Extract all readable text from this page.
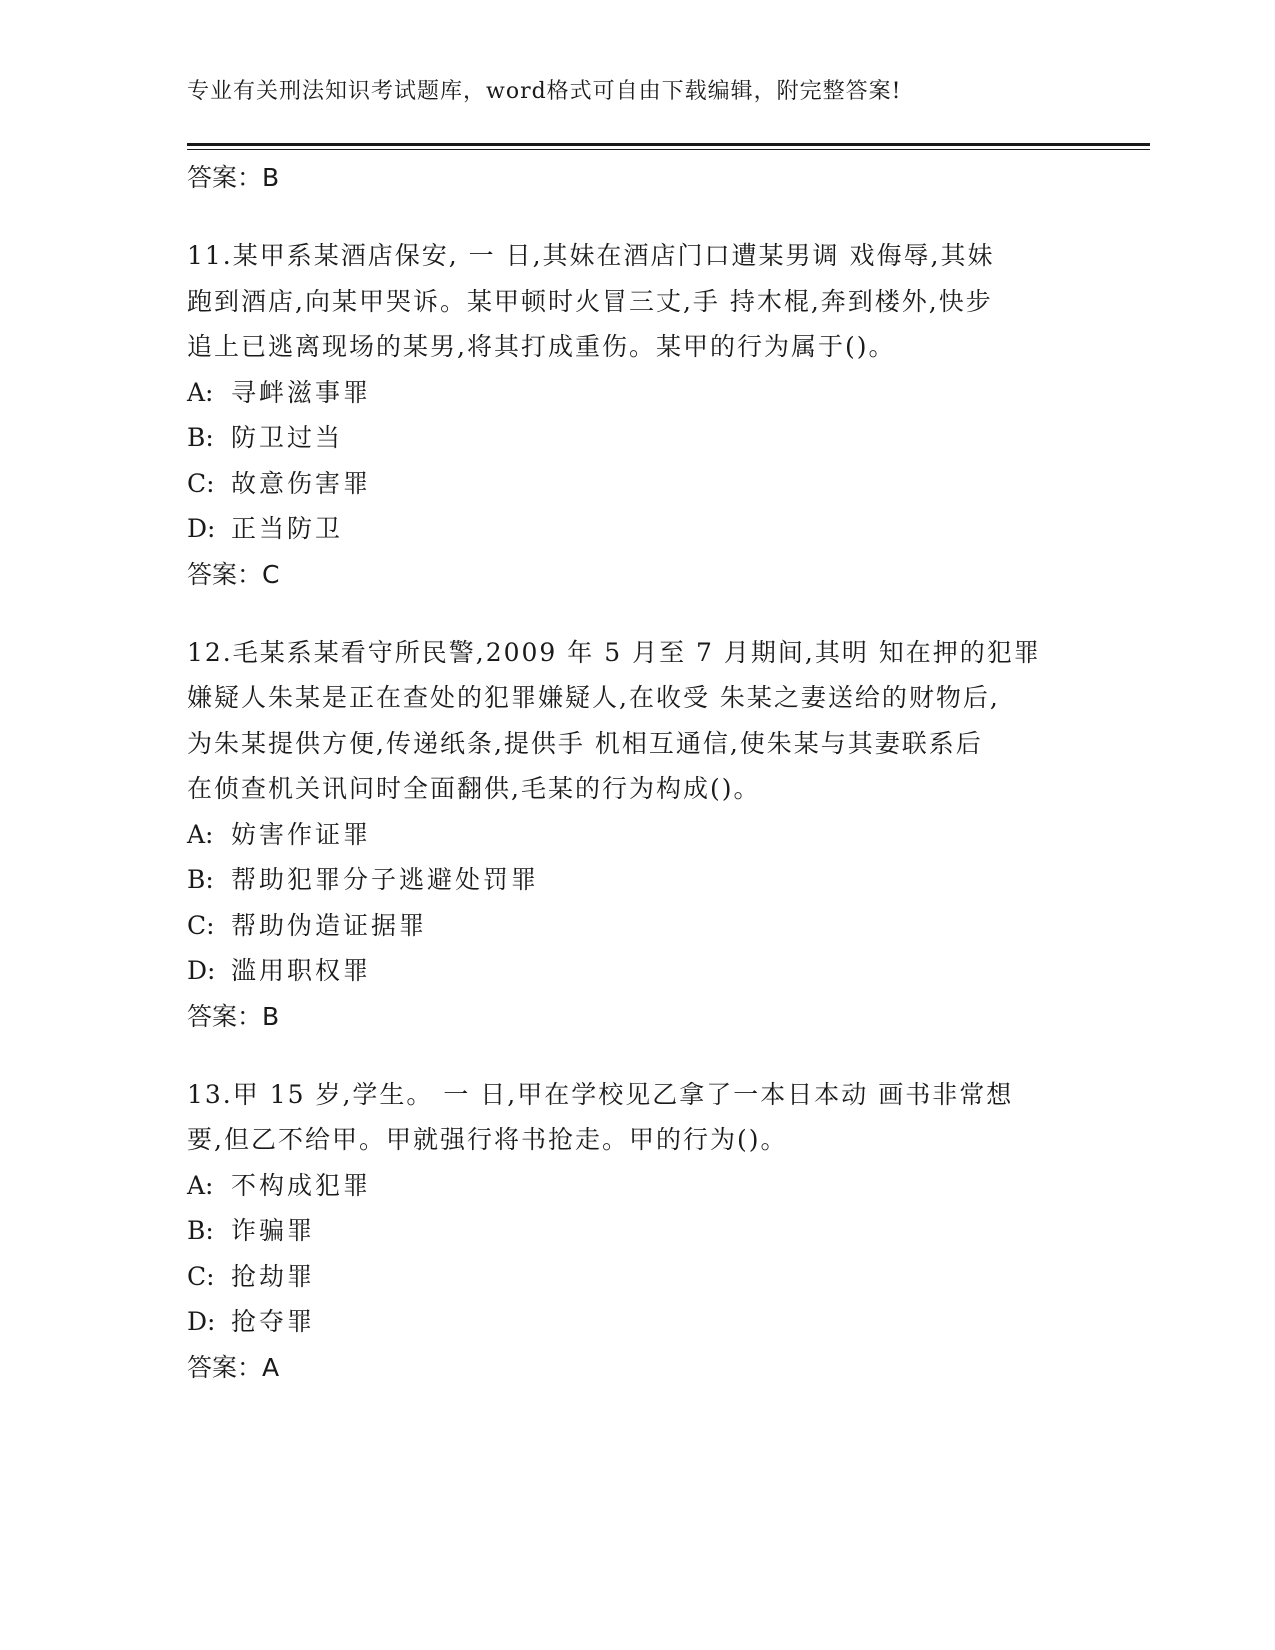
专业有关刑法知识考试题库，word格式可自由下载编辑，附完整答案!
答案：B
11.某甲系某酒店保安, 一 日,其妹在酒店门口遭某男调 戏侮辱,其妹
跑到酒店,向某甲哭诉。某甲顿时火冒三丈,手 持木棍,奔到楼外,快步
追上已逃离现场的某男,将其打成重伤。某甲的行为属于()。
A: 寻衅滋事罪
B: 防卫过当
C: 故意伤害罪
D: 正当防卫
答案：C
12.毛某系某看守所民警,2009 年 5 月至 7 月期间,其明 知在押的犯罪
嫌疑人朱某是正在查处的犯罪嫌疑人,在收受 朱某之妻送给的财物后,
为朱某提供方便,传递纸条,提供手 机相互通信,使朱某与其妻联系后
在侦查机关讯问时全面翻供,毛某的行为构成()。
A: 妨害作证罪
B: 帮助犯罪分子逃避处罚罪
C: 帮助伪造证据罪
D: 滥用职权罪
答案：B
13.甲 15 岁,学生。 一 日,甲在学校见乙拿了一本日本动 画书非常想
要,但乙不给甲。甲就强行将书抢走。甲的行为()。
A: 不构成犯罪
B: 诈骗罪
C: 抢劫罪
D: 抢夺罪
答案：A
